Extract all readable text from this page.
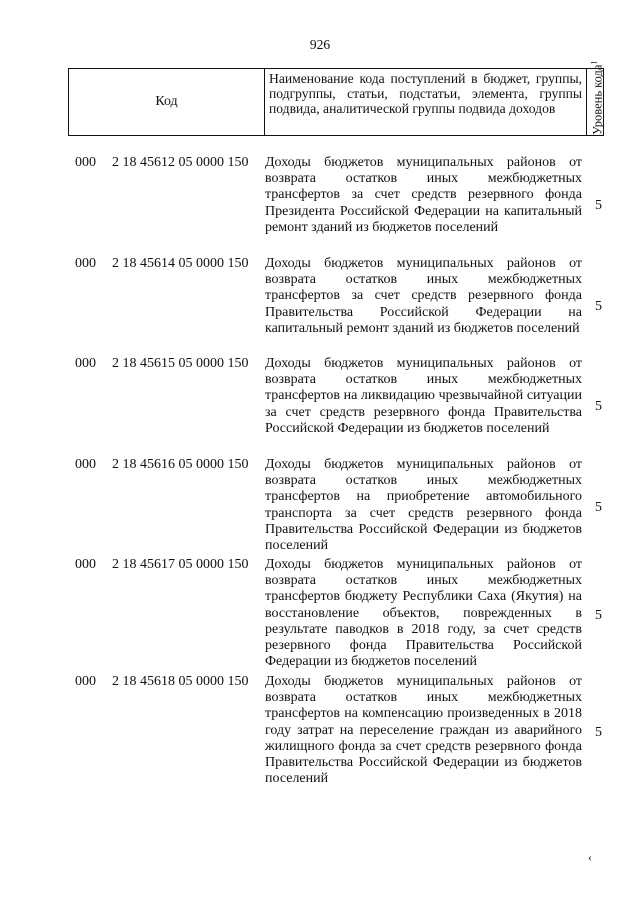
926
Код
Наименование кода поступлений в бюджет, группы, подгруппы, статьи, подстатьи, элемента, группы подвида, аналитической группы подвида доходов	Уровень кода$^1$
000 2 18 45612 05 0000 150 Доходы бюджетов муниципальных районов от возврата остатков иных межбюджетных трансфертов за счет средств резервного фонда Президента Российской Федерации на капитальный ремонт зданий из бюджетов поселений
5
000 2 18 45614 05 0000 150 Доходы бюджетов муниципальных районов от возврата остатков иных межбюджетных трансфертов за счет средств резервного фонда Правительства Российской Федерации на капитальный ремонт зданий из бюджетов поселений
5
000 2 18 45615 05 0000 150 Доходы бюджетов муниципальных районов от возврата остатков иных межбюджетных трансфертов на ликвидацию чрезвычайной ситуации за счет средств резервного фонда Правительства Российской Федерации из бюджетов поселений
5
000 2 18 45616 05 0000 150 Доходы бюджетов муниципальных районов от возврата остатков иных межбюджетных трансфертов на приобретение автомобильного транспорта за счет средств резервного фонда Правительства Российской Федерации из бюджетов поселений
5
000 2 18 45617 05 0000 150 Доходы бюджетов муниципальных районов от возврата остатков иных межбюджетных трансфертов бюджету Республики Саха (Якутия) на восстановление объектов, поврежденных в результате паводков в 2018 году, за счет средств резервного фонда Правительства Российской Федерации из бюджетов поселений
5
000 2 18 45618 05 0000 150 Доходы бюджетов муниципальных районов от возврата остатков иных межбюджетных трансфертов на компенсацию произведенных в 2018 году затрат на переселение граждан из аварийного жилищного фонда за счет средств резервного фонда Правительства Российской Федерации из бюджетов поселений
5
‹
